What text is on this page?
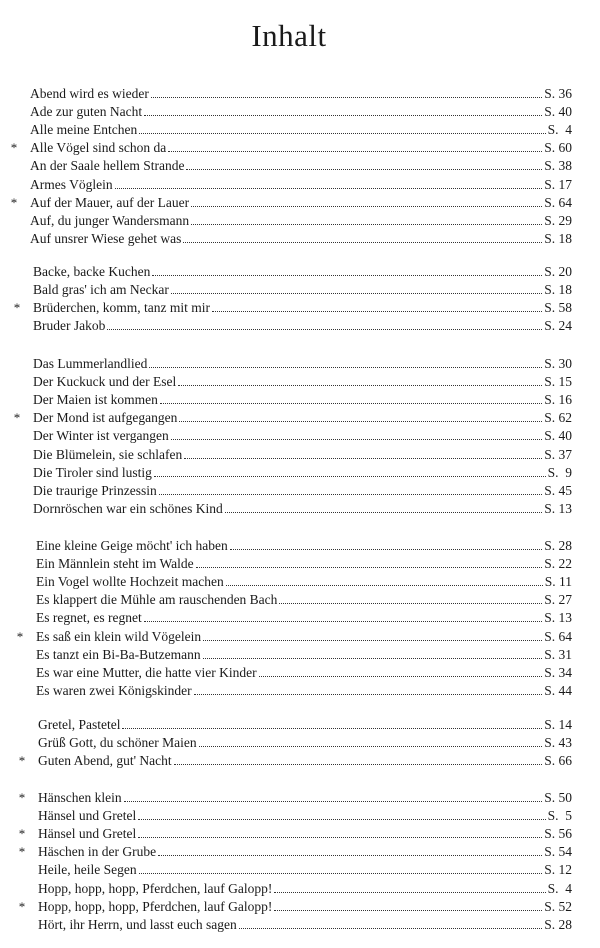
Inhalt
Abend wird es wieder	S. 36
Ade zur guten Nacht	S. 40
Alle meine Entchen	S.  4
* Alle Vögel sind schon da	S. 60
An der Saale hellem Strande	S. 38
Armes Vöglein	S. 17
* Auf der Mauer, auf der Lauer	S. 64
Auf, du junger Wandersmann	S. 29
Auf unsrer Wiese gehet was	S. 18
Backe, backe Kuchen	S. 20
Bald gras' ich am Neckar	S. 18
* Brüderchen, komm, tanz mit mir	S. 58
Bruder Jakob	S. 24
Das Lummerlandlied	S. 30
Der Kuckuck und der Esel	S. 15
Der Maien ist kommen	S. 16
* Der Mond ist aufgegangen	S. 62
Der Winter ist vergangen	S. 40
Die Blümelein, sie schlafen	S. 37
Die Tiroler sind lustig	S.  9
Die traurige Prinzessin	S. 45
Dornröschen war ein schönes Kind	S. 13
Eine kleine Geige möcht' ich haben	S. 28
Ein Männlein steht im Walde	S. 22
Ein Vogel wollte Hochzeit machen	S. 11
Es klappert die Mühle am rauschenden Bach	S. 27
Es regnet, es regnet	S. 13
* Es saß ein klein wild Vögelein	S. 64
Es tanzt ein Bi-Ba-Butzemann	S. 31
Es war eine Mutter, die hatte vier Kinder	S. 34
Es waren zwei Königskinder	S. 44
Gretel, Pastetel	S. 14
Grüß Gott, du schöner Maien	S. 43
* Guten Abend, gut' Nacht	S. 66
* Hänschen klein	S. 50
Hänsel und Gretel	S.  5
* Hänsel und Gretel	S. 56
* Häschen in der Grube	S. 54
Heile, heile Segen	S. 12
Hopp, hopp, hopp, Pferdchen, lauf Galopp!	S.  4
* Hopp, hopp, hopp, Pferdchen, lauf Galopp!	S. 52
Hört, ihr Herrn, und lasst euch sagen	S. 28
